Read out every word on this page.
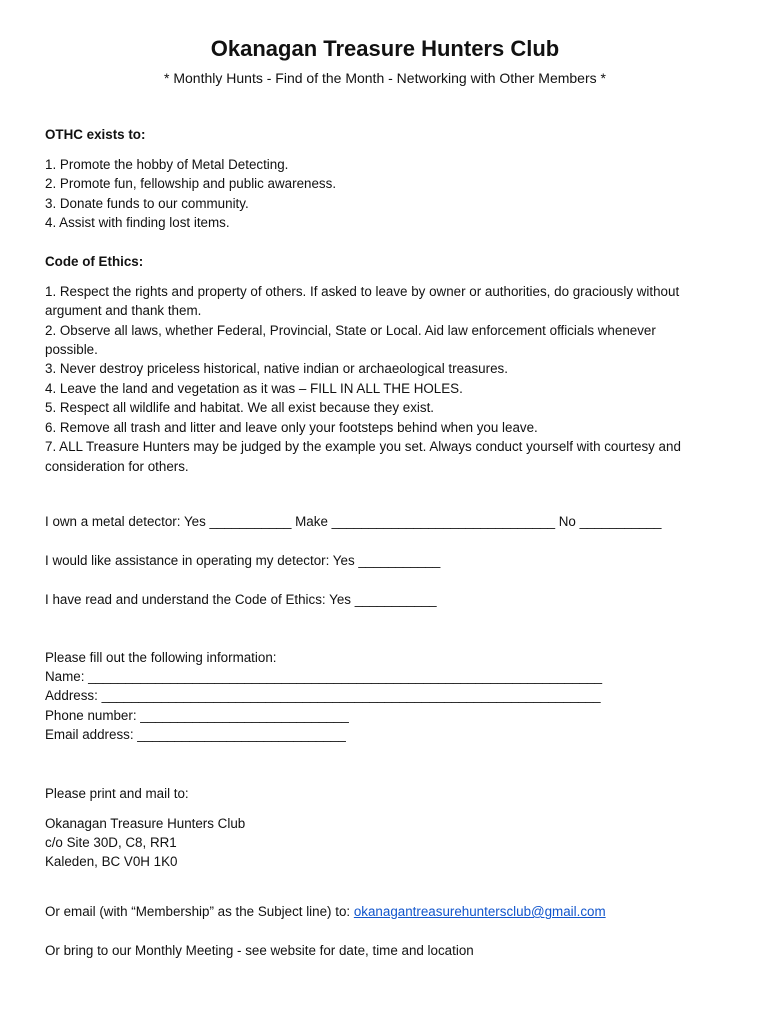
Okanagan Treasure Hunters Club
* Monthly Hunts - Find of the Month - Networking with Other Members *
OTHC exists to:
1. Promote the hobby of Metal Detecting.
2. Promote fun, fellowship and public awareness.
3. Donate funds to our community.
4. Assist with finding lost items.
Code of Ethics:
1. Respect the rights and property of others. If asked to leave by owner or authorities, do graciously without
argument and thank them.
2. Observe all laws, whether Federal, Provincial, State or Local. Aid law enforcement officials whenever
possible.
3. Never destroy priceless historical, native indian or archaeological treasures.
4. Leave the land and vegetation as it was – FILL IN ALL THE HOLES.
5. Respect all wildlife and habitat. We all exist because they exist.
6. Remove all trash and litter and leave only your footsteps behind when you leave.
7. ALL Treasure Hunters may be judged by the example you set. Always conduct yourself with courtesy and
consideration for others.
I own a metal detector: Yes ___________ Make ______________________________ No ___________
I would like assistance in operating my detector: Yes ___________
I have read and understand the Code of Ethics: Yes ___________
Please fill out the following information:
Name: _____________________________________________________________________
Address: ___________________________________________________________________
Phone number: ____________________________
Email address: ____________________________
Please print and mail to:
Okanagan Treasure Hunters Club
c/o Site 30D, C8, RR1
Kaleden, BC V0H 1K0
Or email (with “Membership” as the Subject line) to: okanagantreasurehuntersclub@gmail.com
Or bring to our Monthly Meeting - see website for date, time and location
